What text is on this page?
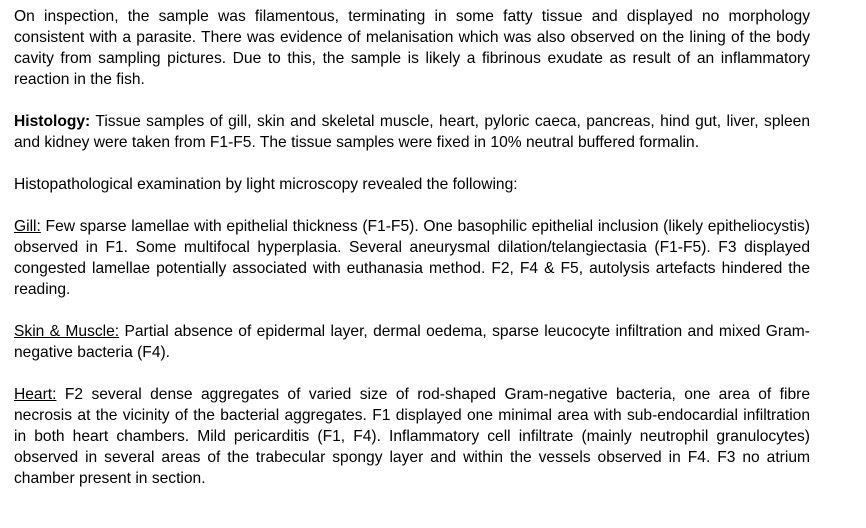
On inspection, the sample was filamentous, terminating in some fatty tissue and displayed no morphology consistent with a parasite. There was evidence of melanisation which was also observed on the lining of the body cavity from sampling pictures. Due to this, the sample is likely a fibrinous exudate as result of an inflammatory reaction in the fish.

Histology: Tissue samples of gill, skin and skeletal muscle, heart, pyloric caeca, pancreas, hind gut, liver, spleen and kidney were taken from F1-F5. The tissue samples were fixed in 10% neutral buffered formalin.

Histopathological examination by light microscopy revealed the following:

Gill: Few sparse lamellae with epithelial thickness (F1-F5). One basophilic epithelial inclusion (likely epitheliocystis) observed in F1. Some multifocal hyperplasia. Several aneurysmal dilation/telangiectasia (F1-F5). F3 displayed congested lamellae potentially associated with euthanasia method. F2, F4 & F5, autolysis artefacts hindered the reading.

Skin & Muscle: Partial absence of epidermal layer, dermal oedema, sparse leucocyte infiltration and mixed Gram-negative bacteria (F4).

Heart: F2 several dense aggregates of varied size of rod-shaped Gram-negative bacteria, one area of fibre necrosis at the vicinity of the bacterial aggregates. F1 displayed one minimal area with sub-endocardial infiltration in both heart chambers. Mild pericarditis (F1, F4). Inflammatory cell infiltrate (mainly neutrophil granulocytes) observed in several areas of the trabecular spongy layer and within the vessels observed in F4. F3 no atrium chamber present in section.
